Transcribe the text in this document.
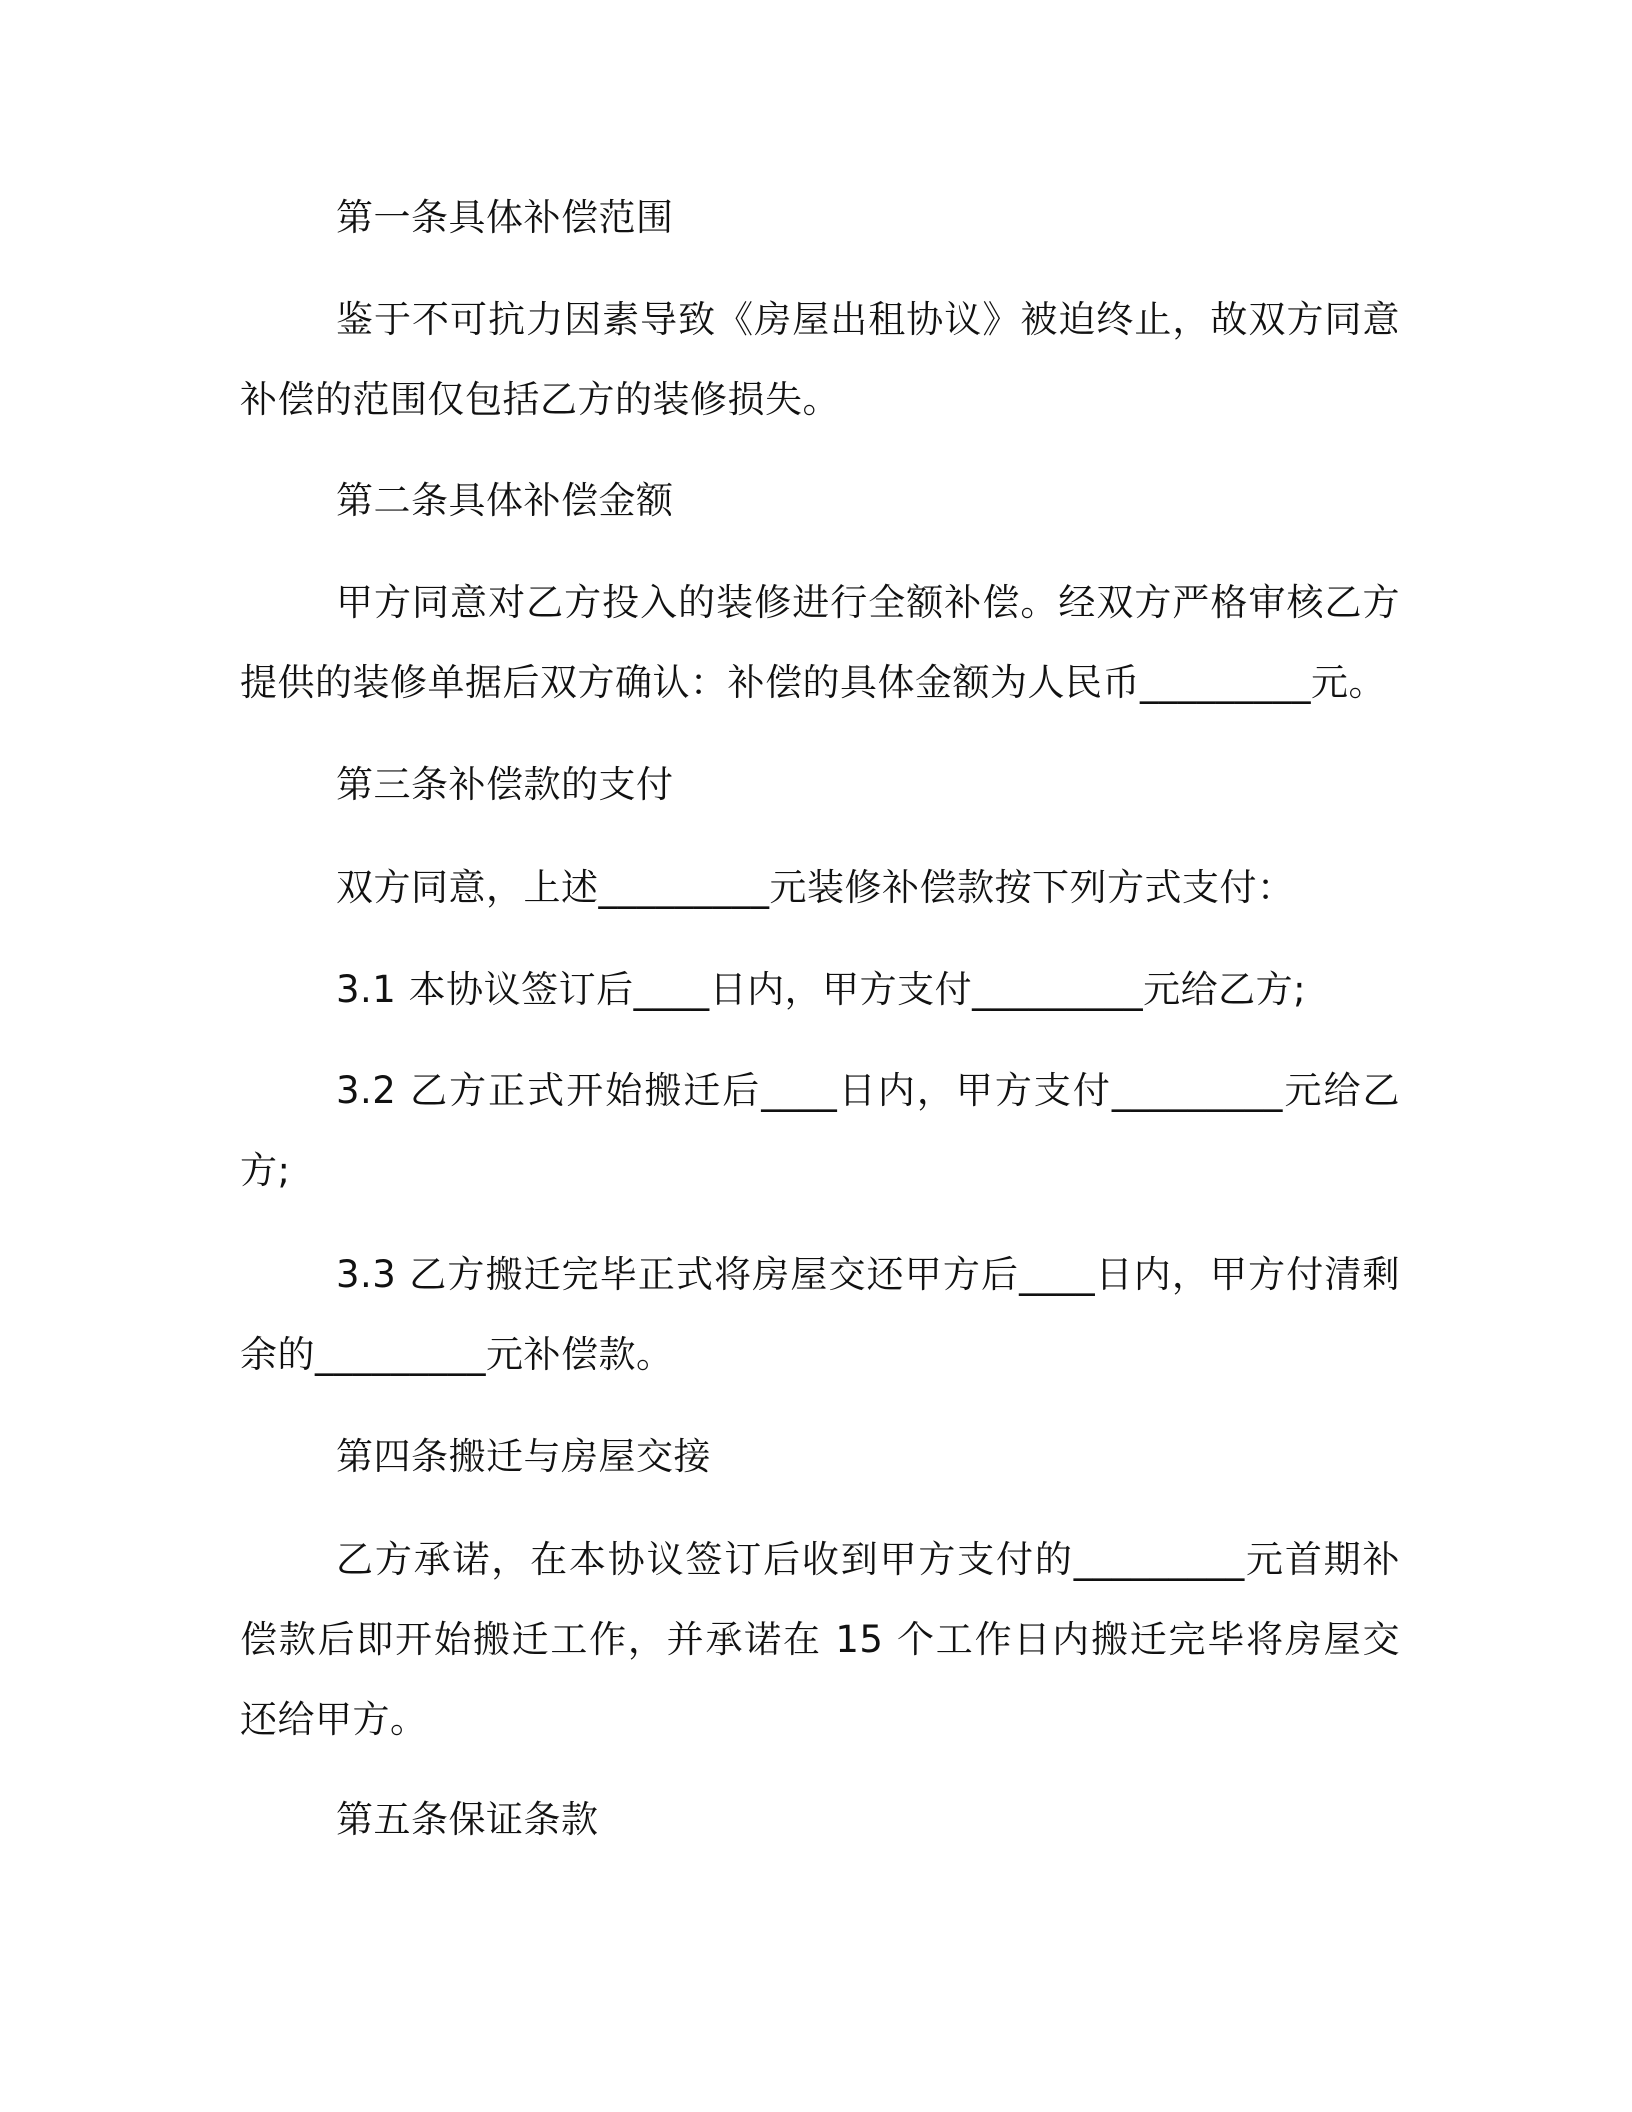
第一条具体补偿范围

鉴于不可抗力因素导致《房屋出租协议》被迫终止，故双方同意补偿的范围仅包括乙方的装修损失。

第二条具体补偿金额

甲方同意对乙方投入的装修进行全额补偿。经双方严格审核乙方提供的装修单据后双方确认：补偿的具体金额为人民币_________元。

第三条补偿款的支付

双方同意，上述_________元装修补偿款按下列方式支付：

3.1 本协议签订后____日内，甲方支付_________元给乙方;

3.2 乙方正式开始搬迁后____日内，甲方支付_________元给乙方;

3.3 乙方搬迁完毕正式将房屋交还甲方后____日内，甲方付清剩余的_________元补偿款。

第四条搬迁与房屋交接

乙方承诺，在本协议签订后收到甲方支付的_________元首期补偿款后即开始搬迁工作，并承诺在 15 个工作日内搬迁完毕将房屋交还给甲方。

第五条保证条款
